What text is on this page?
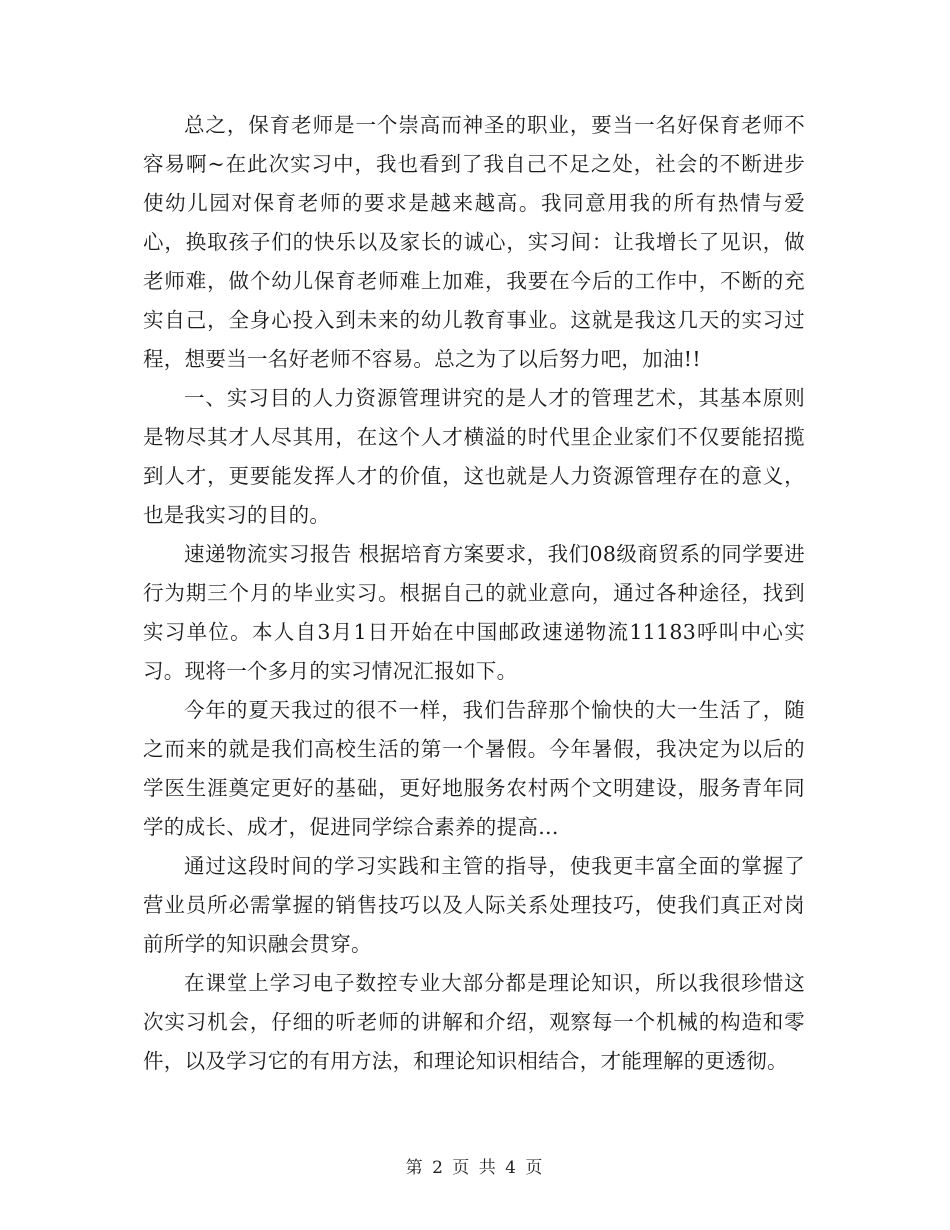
总之，保育老师是一个崇高而神圣的职业，要当一名好保育老师不容易啊~在此次实习中，我也看到了我自己不足之处，社会的不断进步使幼儿园对保育老师的要求是越来越高。我同意用我的所有热情与爱心，换取孩子们的快乐以及家长的诚心，实习间：让我增长了见识，做老师难，做个幼儿保育老师难上加难，我要在今后的工作中，不断的充实自己，全身心投入到未来的幼儿教育事业。这就是我这几天的实习过程，想要当一名好老师不容易。总之为了以后努力吧，加油!!

一、实习目的人力资源管理讲究的是人才的管理艺术，其基本原则是物尽其才人尽其用，在这个人才横溢的时代里企业家们不仅要能招揽到人才，更要能发挥人才的价值，这也就是人力资源管理存在的意义，也是我实习的目的。

速递物流实习报告 根据培育方案要求，我们08级商贸系的同学要进行为期三个月的毕业实习。根据自己的就业意向，通过各种途径，找到实习单位。本人自3月1日开始在中国邮政速递物流11183呼叫中心实习。现将一个多月的实习情况汇报如下。

今年的夏天我过的很不一样，我们告辞那个愉快的大一生活了，随之而来的就是我们高校生活的第一个暑假。今年暑假，我决定为以后的学医生涯奠定更好的基础，更好地服务农村两个文明建设，服务青年同学的成长、成才，促进同学综合素养的提高...

通过这段时间的学习实践和主管的指导，使我更丰富全面的掌握了营业员所必需掌握的销售技巧以及人际关系处理技巧，使我们真正对岗前所学的知识融会贯穿。

在课堂上学习电子数控专业大部分都是理论知识，所以我很珍惜这次实习机会，仔细的听老师的讲解和介绍，观察每一个机械的构造和零件，以及学习它的有用方法，和理论知识相结合，才能理解的更透彻。

第 2 页 共 4 页
